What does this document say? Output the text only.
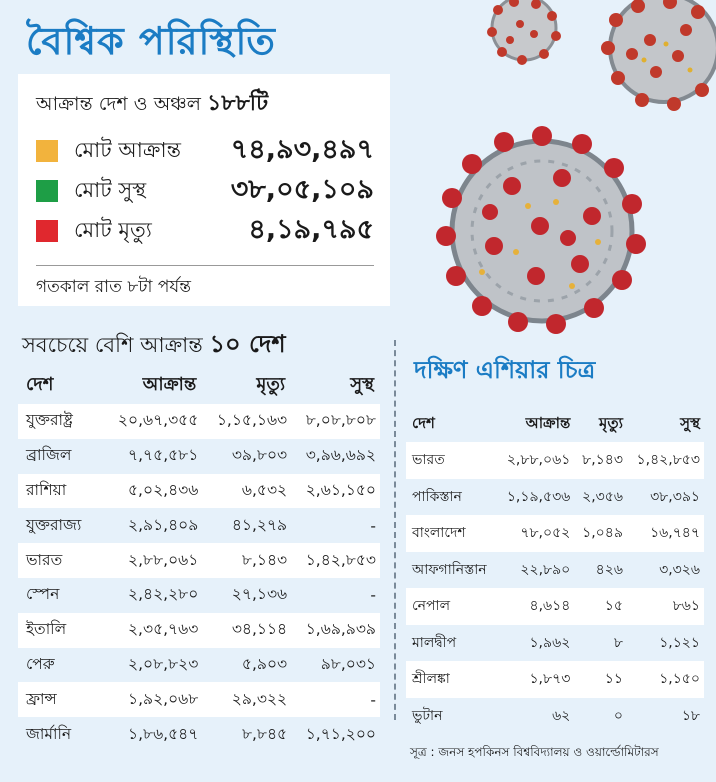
বৈশ্বিক পরিস্থিতি
আক্রান্ত দেশ ও অঞ্চল ১৮৮টি
মোট আক্রান্ত	৭৪,৯৩,৪৯৭
মোট সুস্থ	৩৮,০৫,১০৯
মোট মৃত্যু	৪,১৯,৭৯৫
গতকাল রাত ৮টা পর্যন্ত
সবচেয়ে বেশি আক্রান্ত ১০ দেশ
দেশ	আক্রান্ত	মৃত্যু	সুস্থ
যুক্তরাষ্ট্র	২০,৬৭,৩৫৫	১,১৫,১৬৩	৮,০৮,৮০৮
ব্রাজিল	৭,৭৫,৫৮১	৩৯,৮০৩	৩,৯৬,৬৯২
রাশিয়া	৫,০২,৪৩৬	৬,৫৩২	২,৬১,১৫০
যুক্তরাজ্য	২,৯১,৪০৯	৪১,২৭৯	-
ভারত	২,৮৮,০৬১	৮,১৪৩	১,৪২,৮৫৩
স্পেন	২,৪২,২৮০	২৭,১৩৬	-
ইতালি	২,৩৫,৭৬৩	৩৪,১১৪	১,৬৯,৯৩৯
পেরু	২,০৮,৮২৩	৫,৯০৩	৯৮,০৩১
ফ্রান্স	১,৯২,০৬৮	২৯,৩২২	-
জার্মানি	১,৮৬,৫৪৭	৮,৮৪৫	১,৭১,২০০
দক্ষিণ এশিয়ার চিত্র
দেশ	আক্রান্ত	মৃত্যু	সুস্থ
ভারত	২,৮৮,০৬১	৮,১৪৩	১,৪২,৮৫৩
পাকিস্তান	১,১৯,৫৩৬	২,৩৫৬	৩৮,৩৯১
বাংলাদেশ	৭৮,০৫২	১,০৪৯	১৬,৭৪৭
আফগানিস্তান	২২,৮৯০	৪২৬	৩,৩২৬
নেপাল	৪,৬১৪	১৫	৮৬১
মালদ্বীপ	১,৯৬২	৮	১,১২১
শ্রীলঙ্কা	১,৮৭৩	১১	১,১৫০
ভুটান	৬২	০	১৮
সূত্র : জনস হপকিনস বিশ্ববিদ্যালয় ও ওয়ার্ল্ডোমিটারস
